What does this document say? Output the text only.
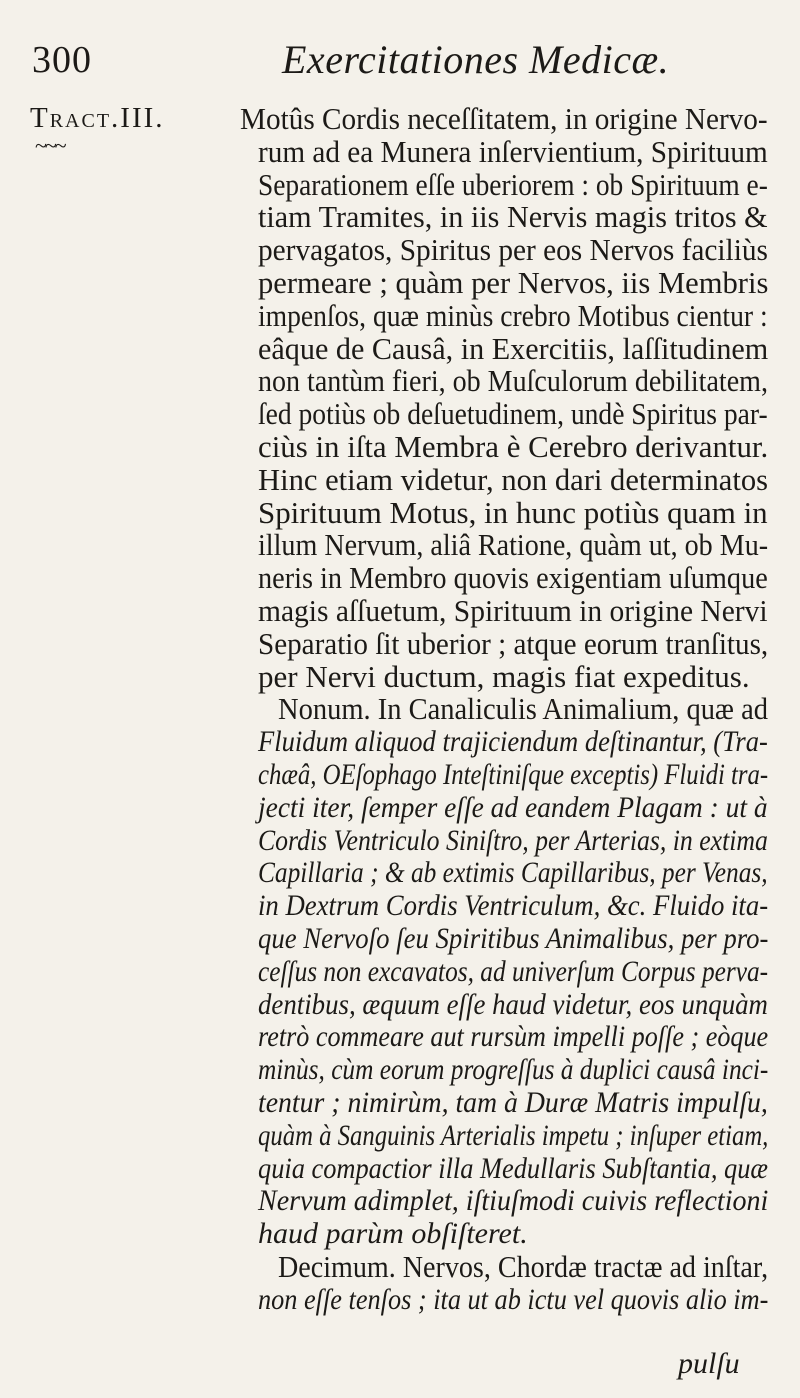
300	Exercitationes Medicæ.
Tract.III.
~~~
Motûs Cordis neceſſitatem, in origine Nervo-
rum ad ea Munera inſervientium, Spirituum
Separationem eſſe uberiorem : ob Spirituum e-
tiam Tramites, in iis Nervis magis tritos &
pervagatos, Spiritus per eos Nervos faciliùs
permeare ; quàm per Nervos, iis Membris
impenſos, quæ minùs crebro Motibus cientur :
eâque de Causâ, in Exercitiis, laſſitudinem
non tantùm fieri, ob Muſculorum debilitatem,
ſed potiùs ob deſuetudinem, undè Spiritus par-
ciùs in iſta Membra è Cerebro derivantur.
Hinc etiam videtur, non dari determinatos
Spirituum Motus, in hunc potiùs quam in
illum Nervum, aliâ Ratione, quàm ut, ob Mu-
neris in Membro quovis exigentiam uſumque
magis aſſuetum, Spirituum in origine Nervi
Separatio ſit uberior ; atque eorum tranſitus,
per Nervi ductum, magis fiat expeditus.
Nonum. In Canaliculis Animalium, quæ ad
Fluidum aliquod trajiciendum deſtinantur, (Tra-
chæâ, OEſophago Inteſtiniſque exceptis) Fluidi tra-
jecti iter, ſemper eſſe ad eandem Plagam : ut à
Cordis Ventriculo Siniſtro, per Arterias, in extima
Capillaria ; & ab extimis Capillaribus, per Venas,
in Dextrum Cordis Ventriculum, &c. Fluido ita-
que Nervoſo ſeu Spiritibus Animalibus, per pro-
ceſſus non excavatos, ad univerſum Corpus perva-
dentibus, æquum eſſe haud videtur, eos unquàm
retrò commeare aut rursùm impelli poſſe ; eòque
minùs, cùm eorum progreſſus à duplici causâ inci-
tentur ; nimirùm, tam à Duræ Matris impulſu,
quàm à Sanguinis Arterialis impetu ; inſuper etiam,
quia compactior illa Medullaris Subſtantia, quæ
Nervum adimplet, iſtiuſmodi cuivis reflectioni
haud parùm obſiſteret.
Decimum. Nervos, Chordæ tractæ ad inſtar,
non eſſe tenſos ; ita ut ab ictu vel quovis alio im-
pulſu
